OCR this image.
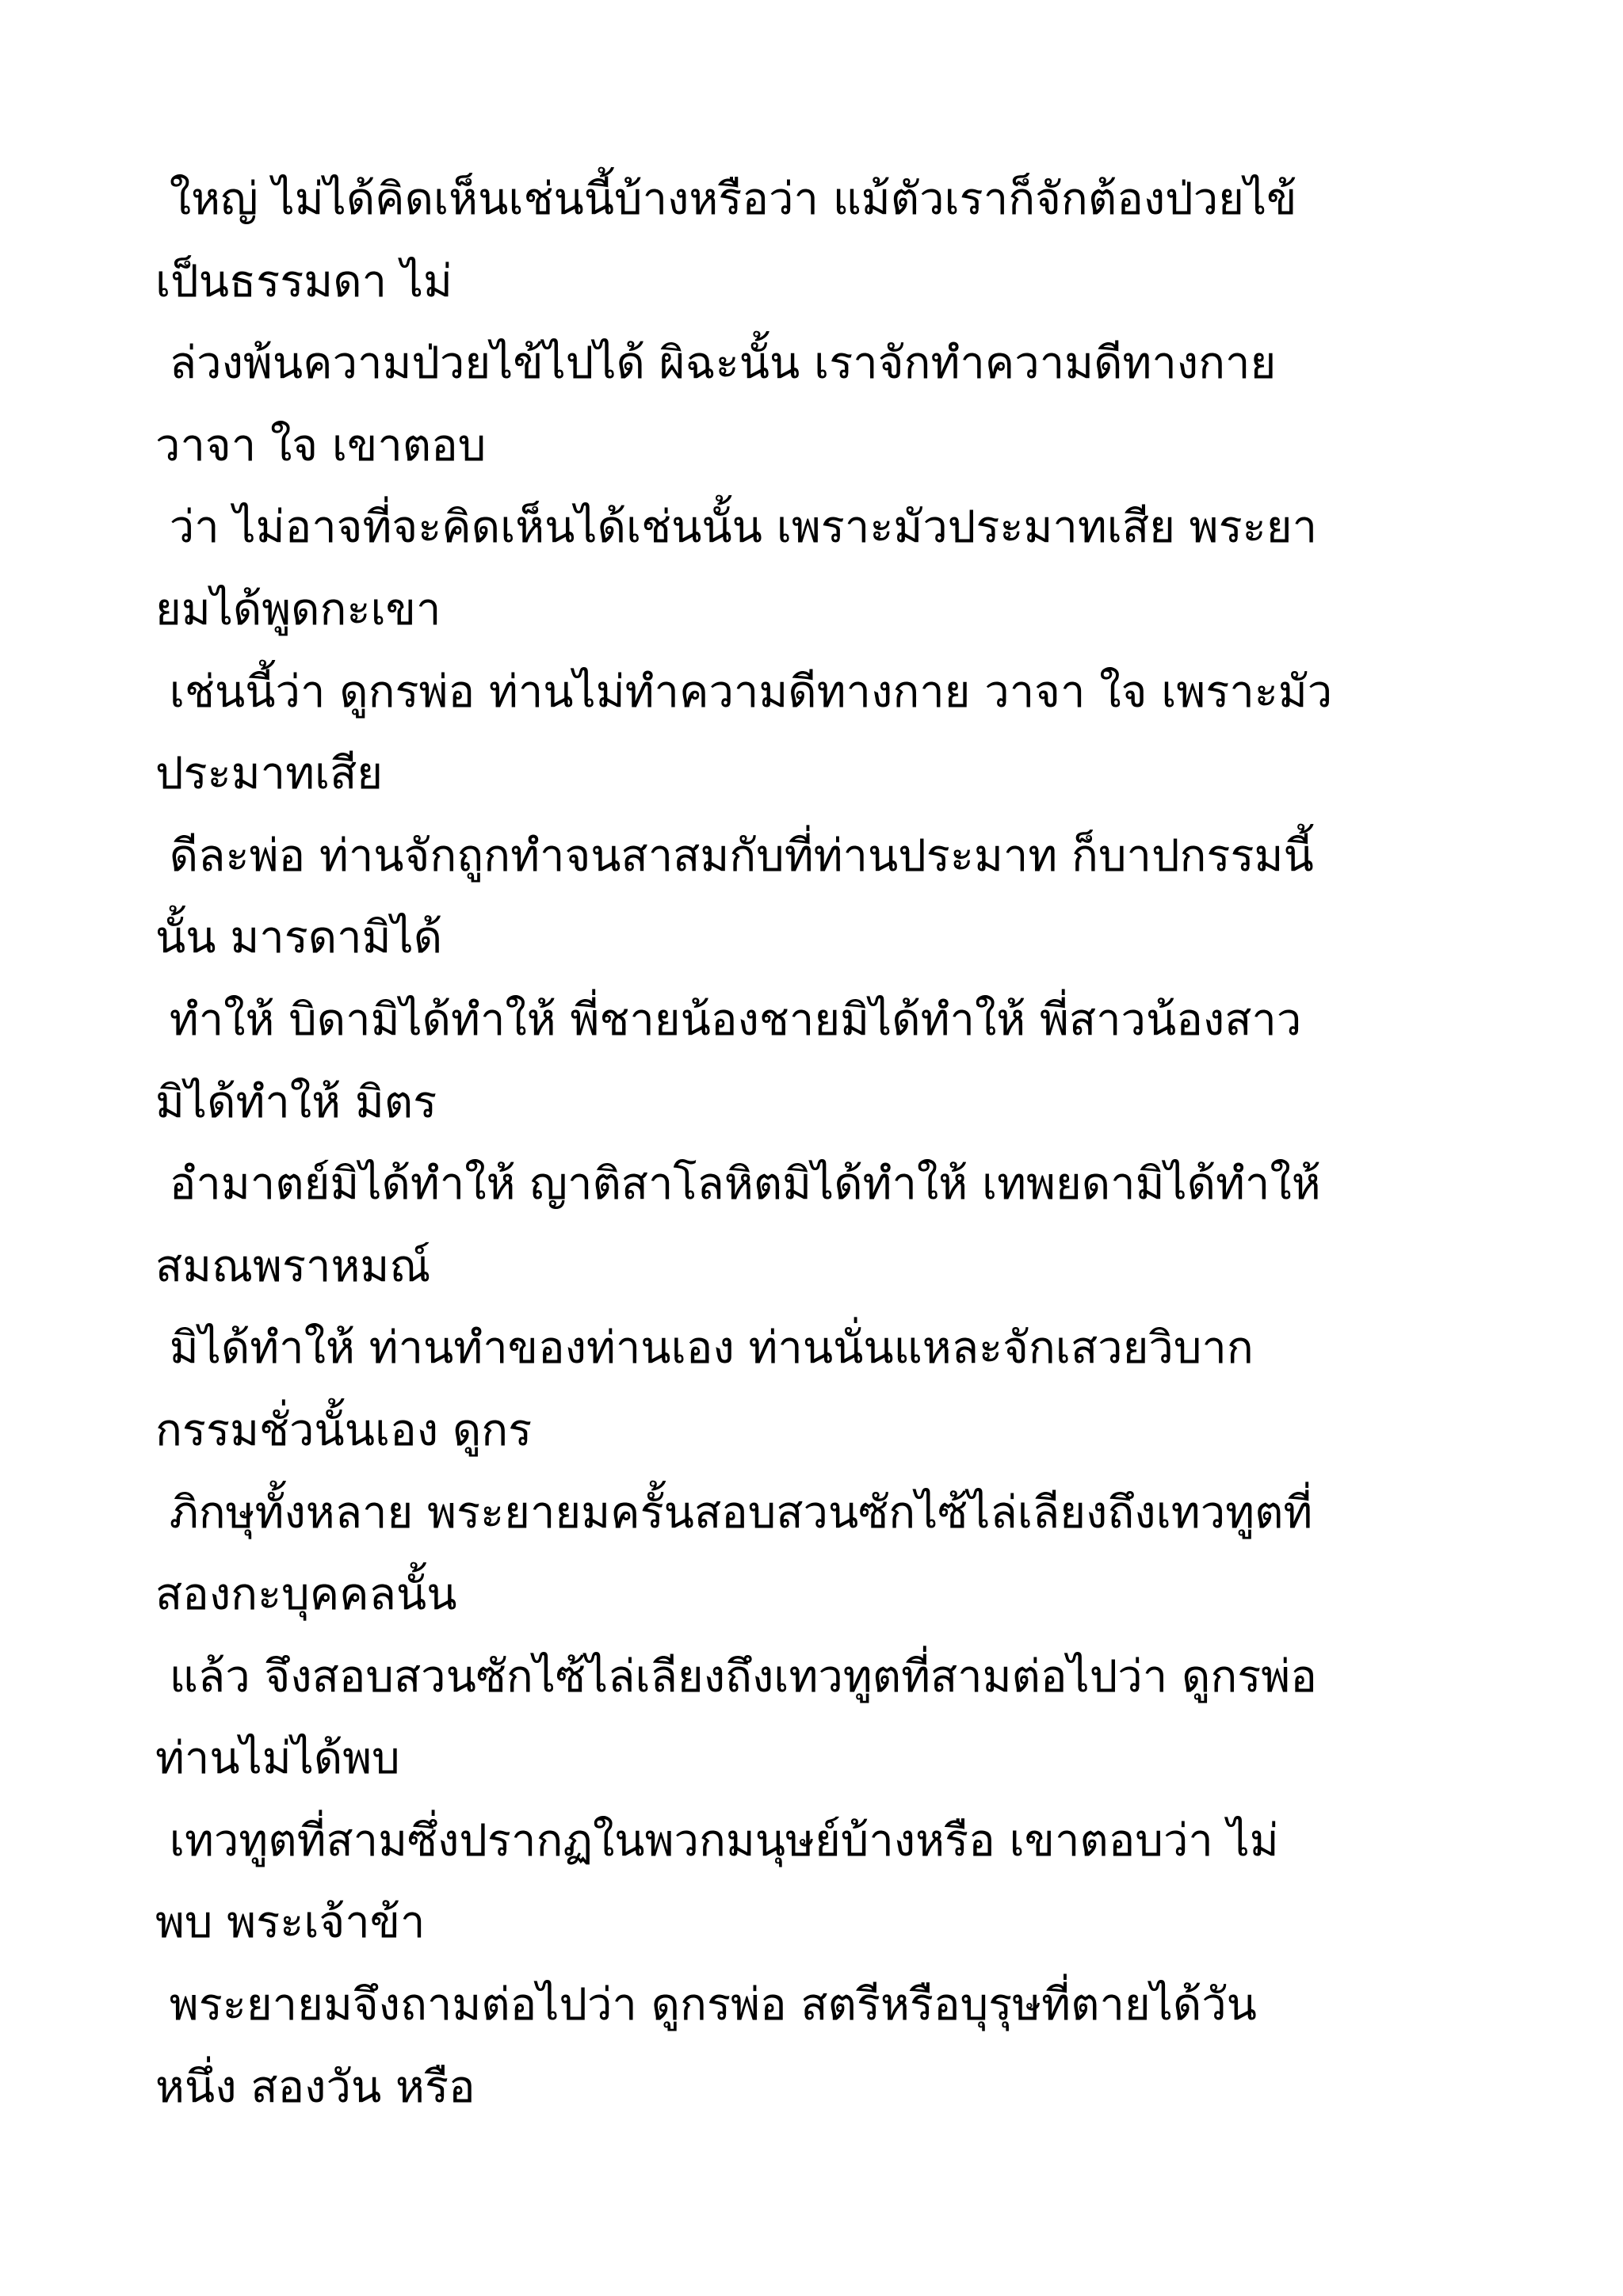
ใหญ่ ไม่ได้คิดเห็นเช่นนี้บ้างหรือว่า แม้ตัวเราก็จักต้องป่วยไข้
เป็นธรรมดา ไม่
ล่วงพ้นความป่วยไข้ไปได้ ผิฉะนั้น เราจักทำความดีทางกาย
วาจา ใจ เขาตอบ
ว่า ไม่อาจที่จะคิดเห็นได้เช่นนั้น เพราะมัวประมาทเสีย พระยา
ยมได้พูดกะเขา
เช่นนี้ว่า ดูกรพ่อ ท่านไม่ทำความดีทางกาย วาจา ใจ เพราะมัว
ประมาทเสีย
ดีละพ่อ ท่านจักถูกทำจนสาสมกับที่ท่านประมาท ก็บาปกรรมนี้
นั้น มารดามิได้
ทำให้ บิดามิได้ทำให้ พี่ชายน้องชายมิได้ทำให้ พี่สาวน้องสาว
มิได้ทำให้ มิตร
อำมาตย์มิได้ทำให้ ญาติสาโลหิตมิได้ทำให้ เทพยดามิได้ทำให้
สมณพราหมณ์
มิได้ทำให้ ท่านทำของท่านเอง ท่านนั่นแหละจักเสวยวิบาก
กรรมชั่วนั้นเอง ดูกร
ภิกษุทั้งหลาย พระยายมครั้นสอบสวนซักไซ้ไล่เลียงถึงเทวทูตที่
สองกะบุคคลนั้น
แล้ว จึงสอบสวนซักไซ้ไล่เลียงถึงเทวทูตที่สามต่อไปว่า ดูกรพ่อ
ท่านไม่ได้พบ
เทวทูตที่สามซึ่งปรากฏในพวกมนุษย์บ้างหรือ เขาตอบว่า ไม่
พบ พระเจ้าข้า
พระยายมจึงถามต่อไปว่า ดูกรพ่อ สตรีหรือบุรุษที่ตายได้วัน
หนึ่ง สองวัน หรือ
